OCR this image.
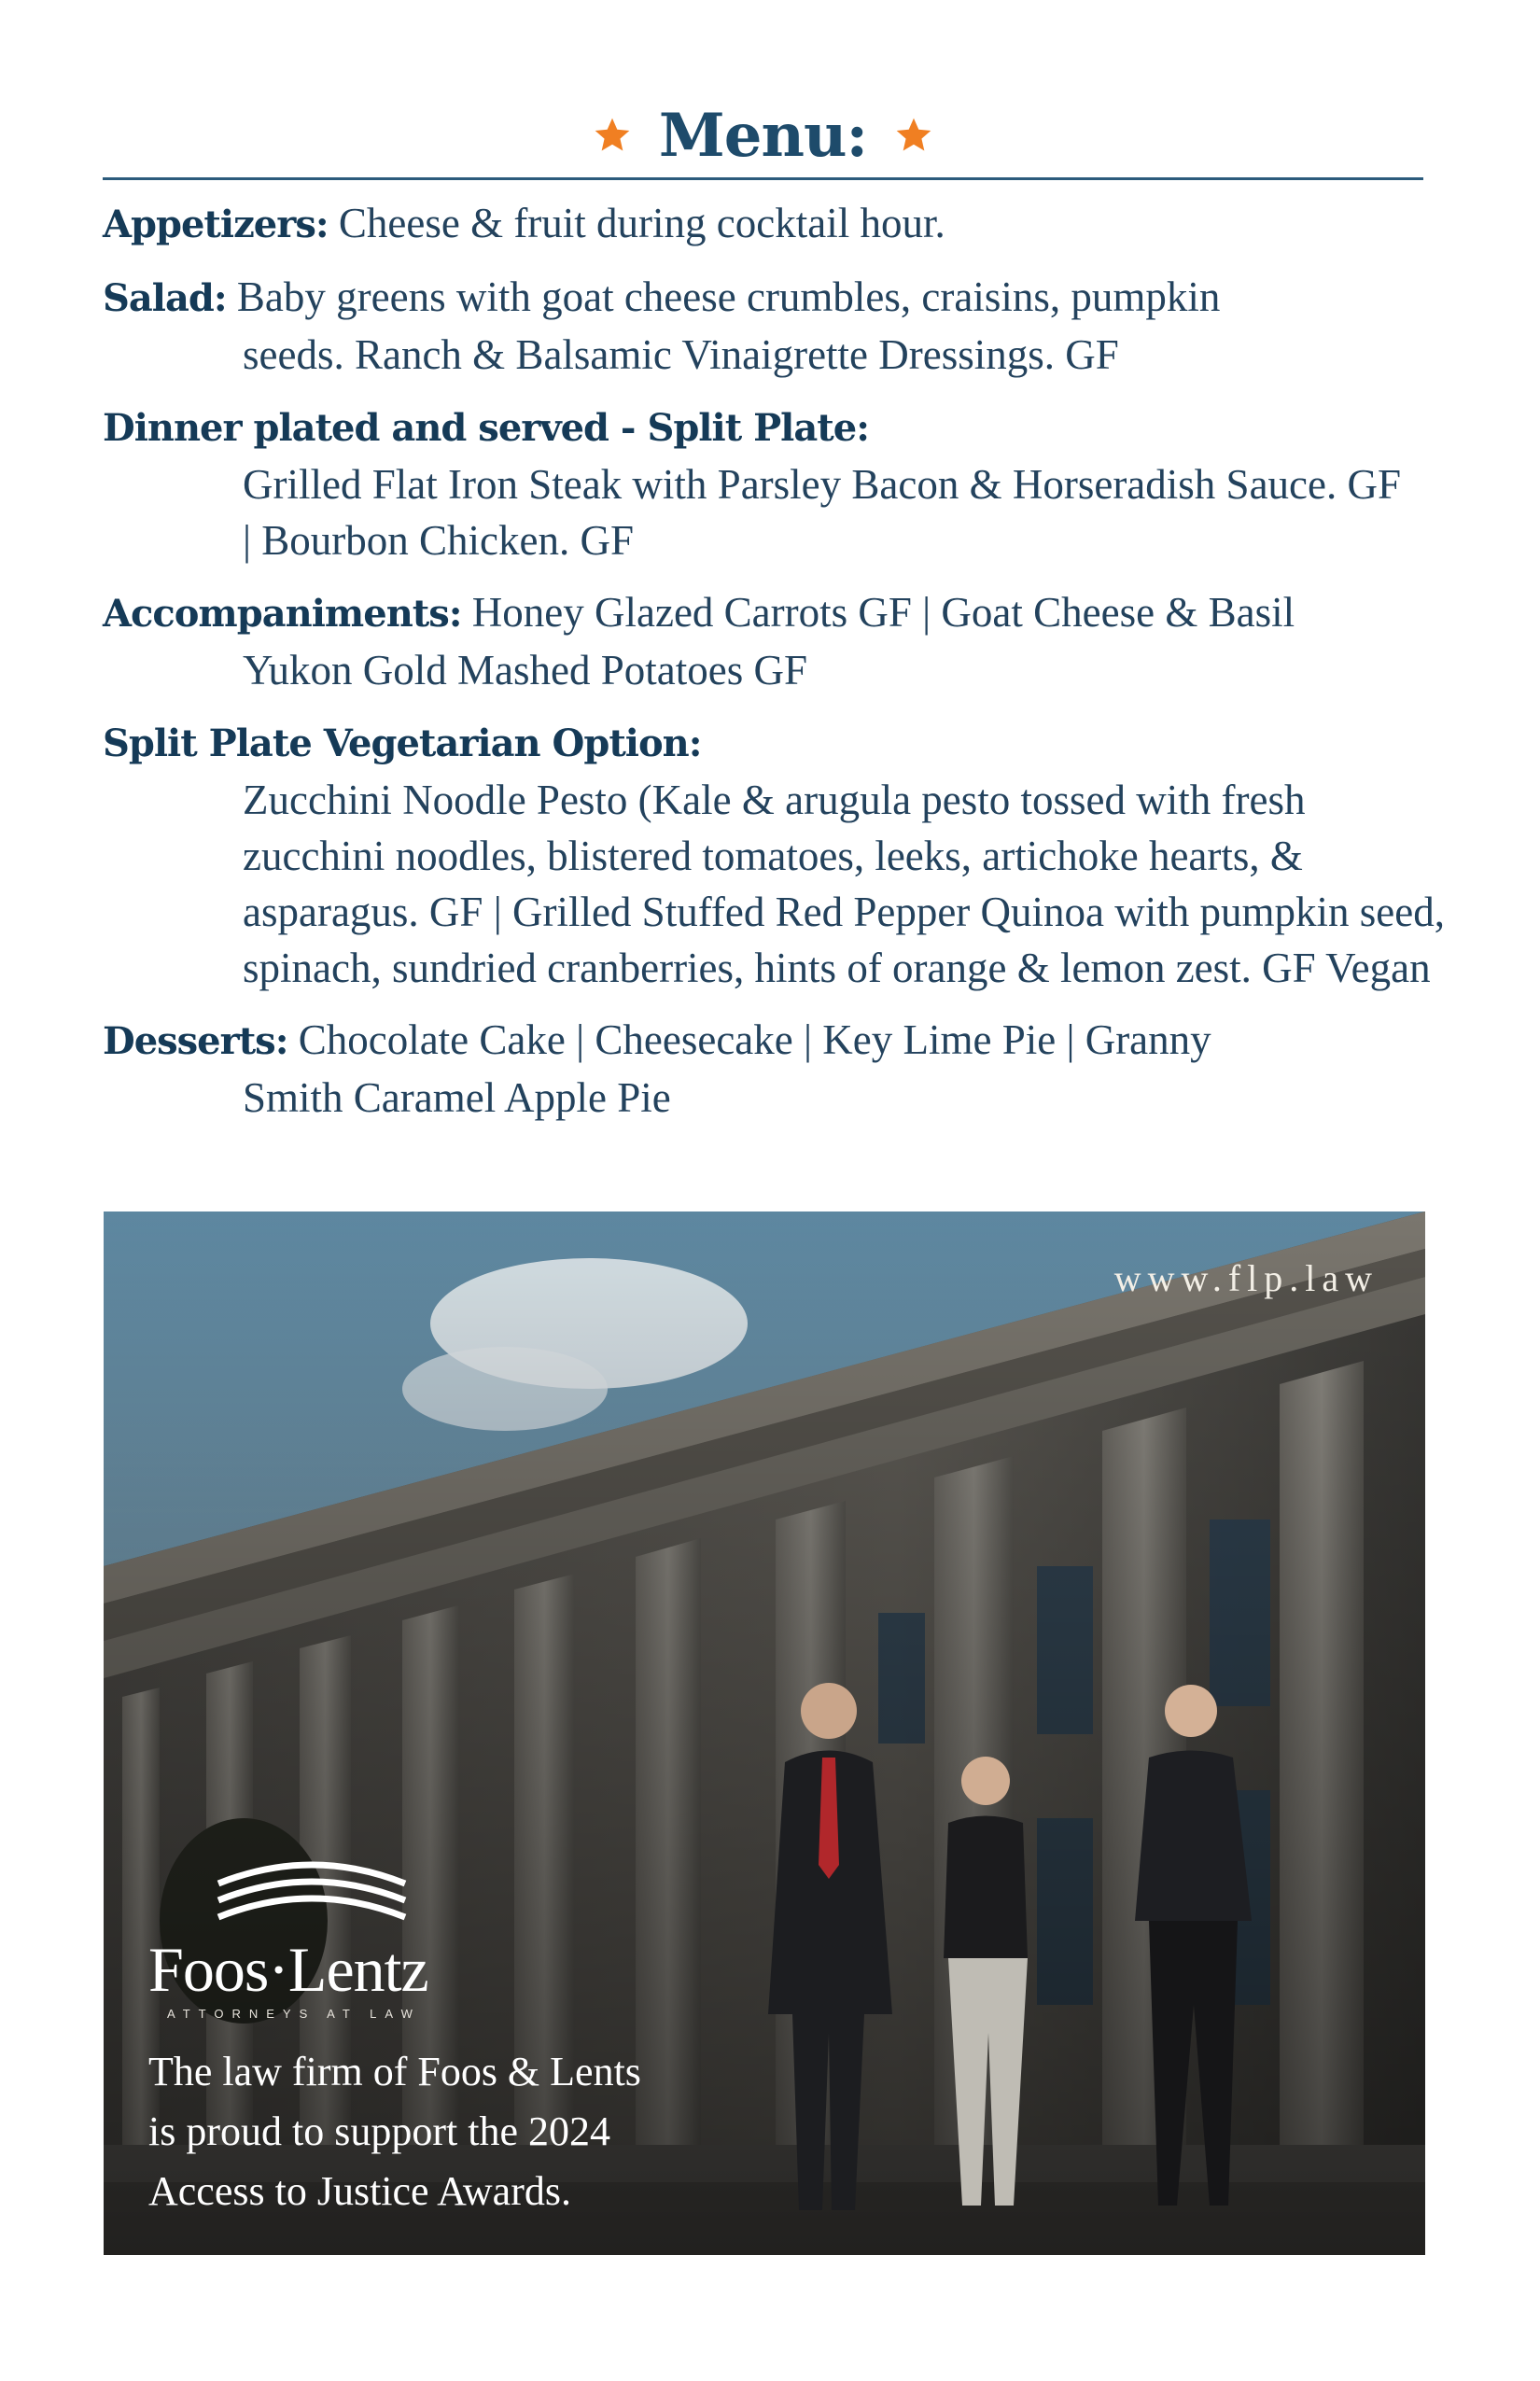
Menu:
Appetizers: Cheese & fruit during cocktail hour.
Salad: Baby greens with goat cheese crumbles, craisins, pumpkin
seeds. Ranch & Balsamic Vinaigrette Dressings. GF
Dinner plated and served - Split Plate:
Grilled Flat Iron Steak with Parsley Bacon & Horseradish Sauce. GF | Bourbon Chicken. GF
Accompaniments: Honey Glazed Carrots GF | Goat Cheese & Basil
Yukon Gold Mashed Potatoes GF
Split Plate Vegetarian Option:
Zucchini Noodle Pesto (Kale & arugula pesto tossed with fresh zucchini noodles, blistered tomatoes, leeks, artichoke hearts, & asparagus. GF | Grilled Stuffed Red Pepper Quinoa with pumpkin seed, spinach, sundried cranberries, hints of orange & lemon zest. GF Vegan
Desserts: Chocolate Cake | Cheesecake | Key Lime Pie | Granny
Smith Caramel Apple Pie
www.flp.law
Foos·Lentz
ATTORNEYS AT LAW
The law firm of Foos & Lents
is proud to support the 2024
Access to Justice Awards.
